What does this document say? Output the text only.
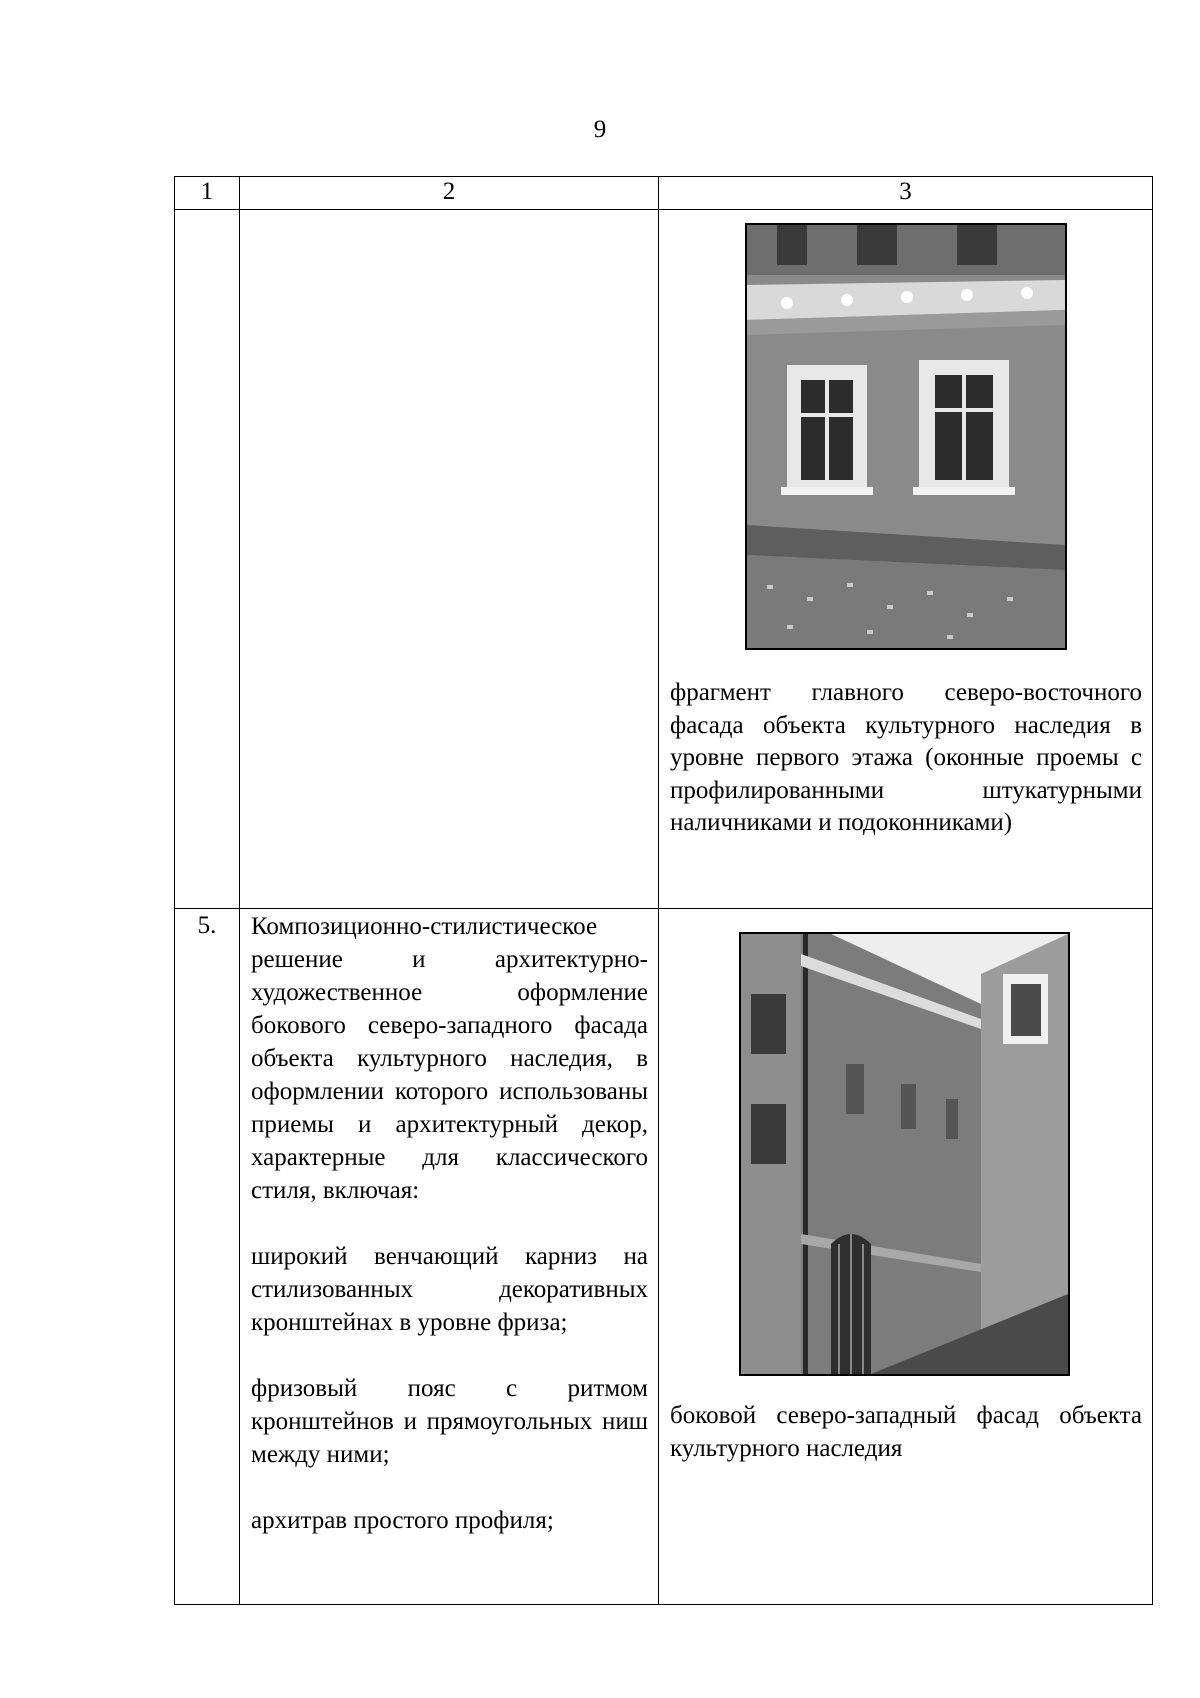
9
1	2	3

		фрагмент главного северо-восточного фасада объекта культурного наследия в уровне первого этажа (оконные проемы с профилированными штукатурными наличниками и подоконниками)

5.	Композиционно-стилистическое решение и архитектурно-художественное оформление бокового северо-западного фасада объекта культурного наследия, в оформлении которого использованы приемы и архитектурный декор, характерные для классического стиля, включая:

широкий венчающий карниз на стилизованных декоративных кронштейнах в уровне фриза;

фризовый пояс с ритмом кронштейнов и прямоугольных ниш между ними;

архитрав простого профиля;	боковой северо-западный фасад объекта культурного наследия
